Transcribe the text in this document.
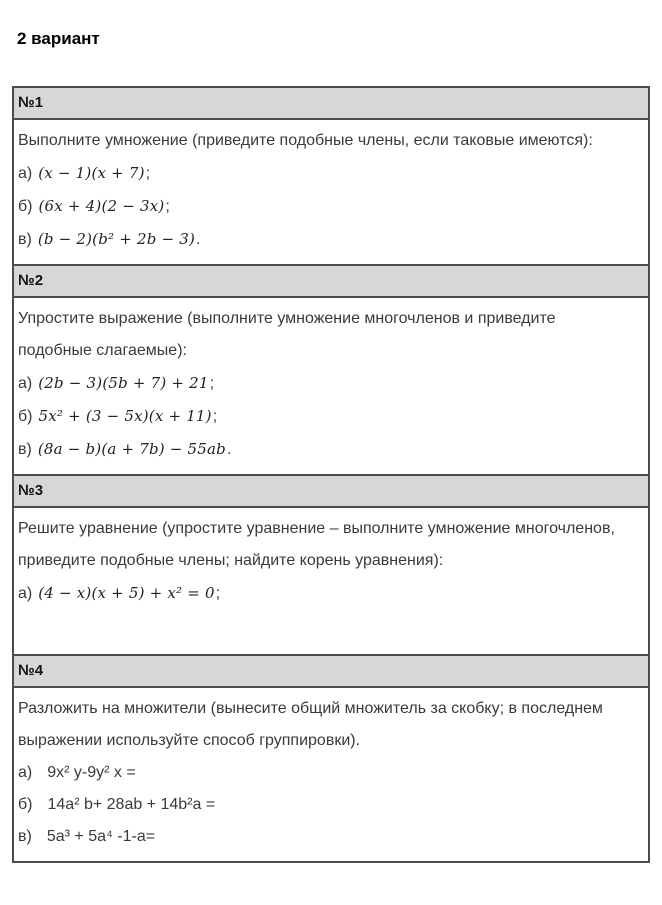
2 вариант
№1

Выполните умножение (приведите подобные члены, если таковые имеются):
а) (x − 1)(x + 7);
б) (6x + 4)(2 − 3x);
в) (b − 2)(b² + 2b − 3).

№2

Упростите выражение (выполните умножение многочленов и приведите подобные слагаемые):
а) (2b − 3)(5b + 7) + 21;
б) 5x² + (3 − 5x)(x + 11);
в) (8a − b)(a + 7b) − 55ab.

№3

Решите уравнение (упростите уравнение – выполните умножение многочленов, приведите подобные члены; найдите корень уравнения):
а) (4 − x)(x + 5) + x² = 0;

№4

Разложить на множители (вынесите общий множитель за скобку; в последнем выражении используйте способ группировки).
а) 9x² y-9y² x =
б) 14a² b+ 28ab + 14b²a =
в) 5a³ + 5a⁴ -1-a=
